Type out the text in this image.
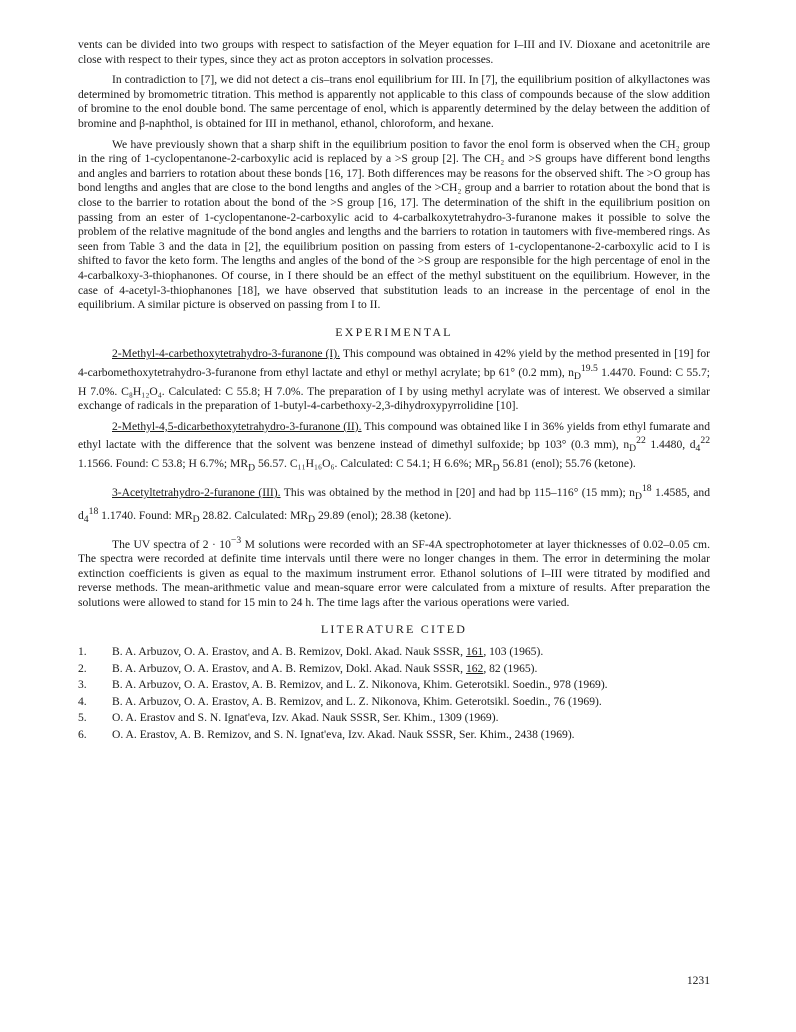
vents can be divided into two groups with respect to satisfaction of the Meyer equation for I–III and IV. Dioxane and acetonitrile are close with respect to their types, since they act as proton acceptors in solvation processes.

In contradiction to [7], we did not detect a cis–trans enol equilibrium for III. In [7], the equilibrium position of alkyllactones was determined by bromometric titration. This method is apparently not applicable to this class of compounds because of the slow addition of bromine to the enol double bond. The same percentage of enol, which is apparently determined by the delay between the addition of bromine and β-naphthol, is obtained for III in methanol, ethanol, chloroform, and hexane.

We have previously shown that a sharp shift in the equilibrium position to favor the enol form is observed when the CH₂ group in the ring of 1-cyclopentanone-2-carboxylic acid is replaced by a >S group [2]. The CH₂ and >S groups have different bond lengths and angles and barriers to rotation about these bonds [16, 17]. Both differences may be reasons for the observed shift. The >O group has bond lengths and angles that are close to the bond lengths and angles of the >CH₂ group and a barrier to rotation about the bond that is close to the barrier to rotation about the bond of the >S group [16, 17]. The determination of the shift in the equilibrium position on passing from an ester of 1-cyclopentanone-2-carboxylic acid to 4-carbalkoxytetrahydro-3-furanone makes it possible to solve the problem of the relative magnitude of the bond angles and lengths and the barriers to rotation in tautomers with five-membered rings. As seen from Table 3 and the data in [2], the equilibrium position on passing from esters of 1-cyclopentanone-2-carboxylic acid to I is shifted to favor the keto form. The lengths and angles of the bond of the >S group are responsible for the high percentage of enol in the 4-carbalkoxy-3-thiophanones. Of course, in I there should be an effect of the methyl substituent on the equilibrium. However, in the case of 4-acetyl-3-thiophanones [18], we have observed that substitution leads to an increase in the percentage of enol in the equilibrium. A similar picture is observed on passing from I to II.

EXPERIMENTAL

2-Methyl-4-carbethoxytetrahydro-3-furanone (I). This compound was obtained in 42% yield by the method presented in [19] for 4-carbomethoxytetrahydro-3-furanone from ethyl lactate and ethyl or methyl acrylate; bp 61° (0.2 mm), $n_D^{19.5}$ 1.4470. Found: C 55.7; H 7.0%. C₈H₁₂O₄. Calculated: C 55.8; H 7.0%. The preparation of I by using methyl acrylate was of interest. We observed a similar exchange of radicals in the preparation of 1-butyl-4-carbethoxy-2,3-dihydroxypyrrolidine [10].

2-Methyl-4,5-dicarbethoxytetrahydro-3-furanone (II). This compound was obtained like I in 36% yields from ethyl fumarate and ethyl lactate with the difference that the solvent was benzene instead of dimethyl sulfoxide; bp 103° (0.3 mm), $n_D^{22}$ 1.4480, $d_4^{22}$ 1.1566. Found: C 53.8; H 6.7%; $MR_D$ 56.57. C₁₁H₁₆O₆. Calculated: C 54.1; H 6.6%; $MR_D$ 56.81 (enol); 55.76 (ketone).

3-Acetyltetrahydro-2-furanone (III). This was obtained by the method in [20] and had bp 115–116° (15 mm); $n_D^{18}$ 1.4585, and $d_4^{18}$ 1.1740. Found: $MR_D$ 28.82. Calculated: $MR_D$ 29.89 (enol); 28.38 (ketone).

The UV spectra of $2 \cdot 10^{-3}$ M solutions were recorded with an SF-4A spectrophotometer at layer thicknesses of 0.02–0.05 cm. The spectra were recorded at definite time intervals until there were no longer changes in them. The error in determining the molar extinction coefficients is given as equal to the maximum instrument error. Ethanol solutions of I–III were titrated by modified and reverse methods. The mean-arithmetic value and mean-square error were calculated from a mixture of results. After preparation the solutions were allowed to stand for 15 min to 24 h. The time lags after the various operations were varied.

LITERATURE CITED
1.	B. A. Arbuzov, O. A. Erastov, and A. B. Remizov, Dokl. Akad. Nauk SSSR, 161, 103 (1965).
2.	B. A. Arbuzov, O. A. Erastov, and A. B. Remizov, Dokl. Akad. Nauk SSSR, 162, 82 (1965).
3.	B. A. Arbuzov, O. A. Erastov, A. B. Remizov, and L. Z. Nikonova, Khim. Geterotsikl. Soedin., 978 (1969).
4.	B. A. Arbuzov, O. A. Erastov, A. B. Remizov, and L. Z. Nikonova, Khim. Geterotsikl. Soedin., 76 (1969).
5.	O. A. Erastov and S. N. Ignat'eva, Izv. Akad. Nauk SSSR, Ser. Khim., 1309 (1969).
6.	O. A. Erastov, A. B. Remizov, and S. N. Ignat'eva, Izv. Akad. Nauk SSSR, Ser. Khim., 2438 (1969).
1231
